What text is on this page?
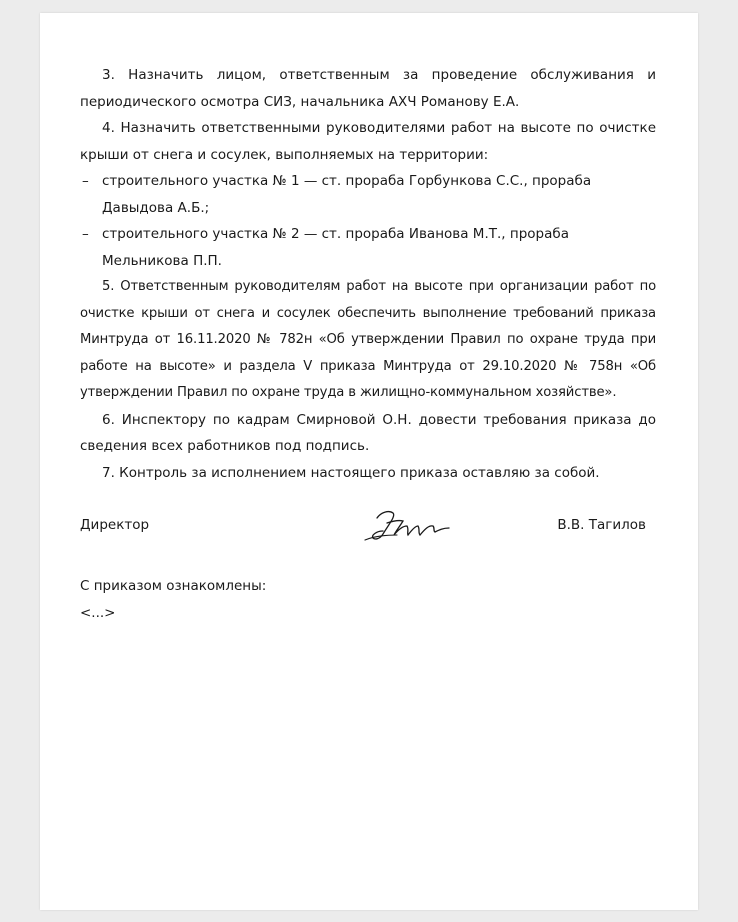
3. Назначить лицом, ответственным за проведение обслуживания и периодического осмотра СИЗ, начальника АХЧ Романову Е.А.

4. Назначить ответственными руководителями работ на высоте по очистке крыши от снега и сосулек, выполняемых на территории:

– строительного участка № 1 — ст. прораба Горбункова С.С., прораба Давыдова А.Б.;

– строительного участка № 2 — ст. прораба Иванова М.Т., прораба Мельникова П.П.

5. Ответственным руководителям работ на высоте при организации работ по очистке крыши от снега и сосулек обеспечить выполнение требований приказа Минтруда от 16.11.2020 № 782н «Об утверждении Правил по охране труда при работе на высоте» и раздела V приказа Минтруда от 29.10.2020 № 758н «Об утверждении Правил по охране труда в жилищно-коммунальном хозяйстве».

6. Инспектору по кадрам Смирновой О.Н. довести требования приказа до сведения всех работников под подпись.

7. Контроль за исполнением настоящего приказа оставляю за собой.

Директор	В.В. Тагилов
С приказом ознакомлены:
<...>
